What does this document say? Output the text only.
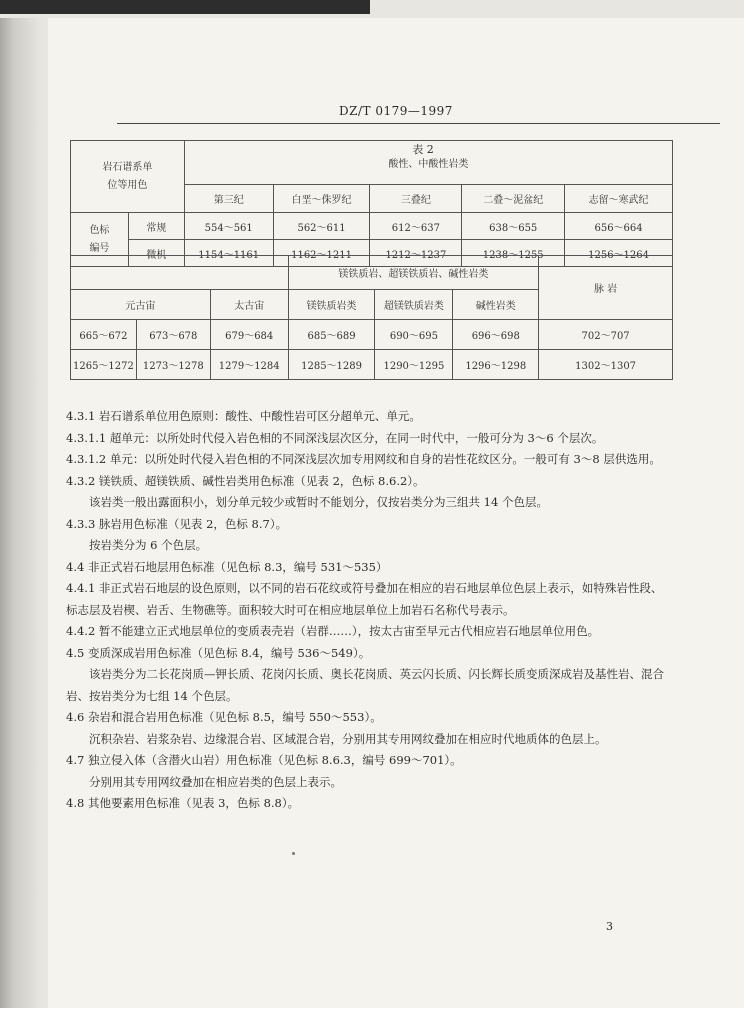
DZ/T 0179—1997
表 2
岩石谱系单
位等用色		酸性、中酸性岩类				
		第三纪	白垩～侏罗纪	三叠纪	二叠～泥盆纪	志留～寒武纪
色标
编号	常规	554～561	562～611	612～637	638～655	656～664
	微机	1154～1161	1162～1211	1212～1237	1238～1255	1256～1264
			镁铁质岩、超镁铁质岩、碱性岩类			脉 岩
元古宙		太古宙	镁铁质岩类	超镁铁质岩类	碱性岩类	
665～672	673～678	679～684	685～689	690～695	696～698	702～707
1265～1272	1273～1278	1279～1284	1285～1289	1290～1295	1296～1298	1302～1307

4.3.1 岩石谱系单位用色原则：酸性、中酸性岩可区分超单元、单元。

4.3.1.1 超单元：以所处时代侵入岩色相的不同深浅层次区分，在同一时代中，一般可分为 3～6 个层次。

4.3.1.2 单元：以所处时代侵入岩色相的不同深浅层次加专用网纹和自身的岩性花纹区分。一般可有 3～8 层供选用。

4.3.2 镁铁质、超镁铁质、碱性岩类用色标准（见表 2，色标 8.6.2）。

该岩类一般出露面积小，划分单元较少或暂时不能划分，仅按岩类分为三组共 14 个色层。

4.3.3 脉岩用色标准（见表 2，色标 8.7）。

按岩类分为 6 个色层。

4.4 非正式岩石地层用色标准（见色标 8.3，编号 531～535）

4.4.1 非正式岩石地层的设色原则，以不同的岩石花纹或符号叠加在相应的岩石地层单位色层上表示，如特殊岩性段、标志层及岩楔、岩舌、生物礁等。面积较大时可在相应地层单位上加岩石名称代号表示。

4.4.2 暂不能建立正式地层单位的变质表壳岩（岩群……），按太古宙至早元古代相应岩石地层单位用色。

4.5 变质深成岩用色标准（见色标 8.4，编号 536～549）。

该岩类分为二长花岗质—钾长质、花岗闪长质、奥长花岗质、英云闪长质、闪长辉长质变质深成岩及基性岩、混合岩、按岩类分为七组 14 个色层。

4.6 杂岩和混合岩用色标准（见色标 8.5，编号 550～553）。

沉积杂岩、岩浆杂岩、边缘混合岩、区域混合岩，分别用其专用网纹叠加在相应时代地质体的色层上。

4.7 独立侵入体（含潜火山岩）用色标准（见色标 8.6.3，编号 699～701）。

分别用其专用网纹叠加在相应岩类的色层上表示。

4.8 其他要素用色标准（见表 3，色标 8.8）。

3
